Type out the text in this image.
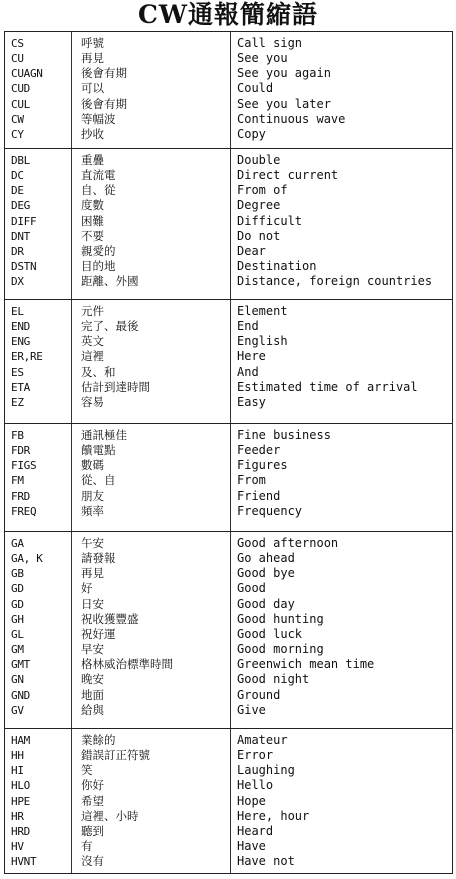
CW通報簡縮語
CS	呼號	Call sign
CU	再見	See you
CUAGN	後會有期	See you again
CUD	可以	Could
CUL	後會有期	See you later
CW	等幅波	Continuous wave
CY	抄收	Copy
DBL	重疊	Double
DC	直流電	Direct current
DE	自、從	From of
DEG	度數	Degree
DIFF	困難	Difficult
DNT	不要	Do not
DR	親愛的	Dear
DSTN	目的地	Destination
DX	距離、外國	Distance, foreign countries
EL	元件	Element
END	完了、最後	End
ENG	英文	English
ER,RE	這裡	Here
ES	及、和	And
ETA	估計到達時間	Estimated time of arrival
EZ	容易	Easy
FB	通訊極佳	Fine business
FDR	饋電點	Feeder
FIGS	數碼	Figures
FM	從、自	From
FRD	朋友	Friend
FREQ	頻率	Frequency
GA	午安	Good afternoon
GA, K	請發報	Go ahead
GB	再見	Good bye
GD	好	Good
GD	日安	Good day
GH	祝收獲豐盛	Good hunting
GL	祝好運	Good luck
GM	早安	Good morning
GMT	格林威治標準時間	Greenwich mean time
GN	晚安	Good night
GND	地面	Ground
GV	給與	Give
HAM	業餘的	Amateur
HH	錯誤訂正符號	Error
HI	笑	Laughing
HLO	你好	Hello
HPE	希望	Hope
HR	這裡、小時	Here, hour
HRD	聽到	Heard
HV	有	Have
HVNT	沒有	Have not
